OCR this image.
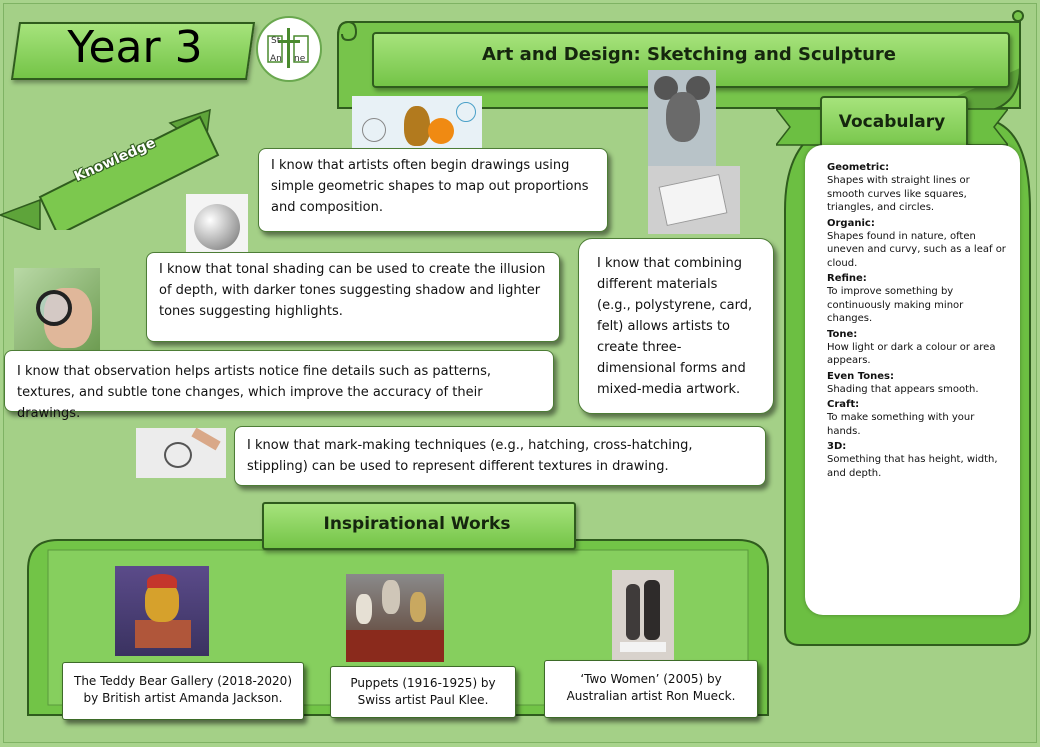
Year 3	St
An ne	Art and Design: Sketching and Sculpture
Knowledge	I know that artists often begin drawings using simple geometric shapes to map out proportions and composition.
I know that tonal shading can be used to create the illusion of depth, with darker tones suggesting shadow and lighter tones suggesting highlights.
I know that observation helps artists notice fine details such as patterns, textures, and subtle tone changes, which improve the accuracy of their drawings.
I know that combining different materials (e.g., polystyrene, card, felt) allows artists to create three-dimensional forms and mixed-media artwork.
I know that mark-making techniques (e.g., hatching, cross-hatching, stippling) can be used to represent different textures in drawing.
Vocabulary
Geometric:
Shapes with straight lines or smooth curves like squares, triangles, and circles.
Organic:
Shapes found in nature, often uneven and curvy, such as a leaf or cloud.
Refine:
To improve something by continuously making minor changes.
Tone:
How light or dark a colour or area appears.
Even Tones:
Shading that appears smooth.
Craft:
To make something with your hands.
3D:
Something that has height, width, and depth.
Inspirational Works
The Teddy Bear Gallery (2018-2020) by British artist Amanda Jackson.
Puppets (1916-1925) by Swiss artist Paul Klee.
‘Two Women’ (2005) by Australian artist Ron Mueck.
